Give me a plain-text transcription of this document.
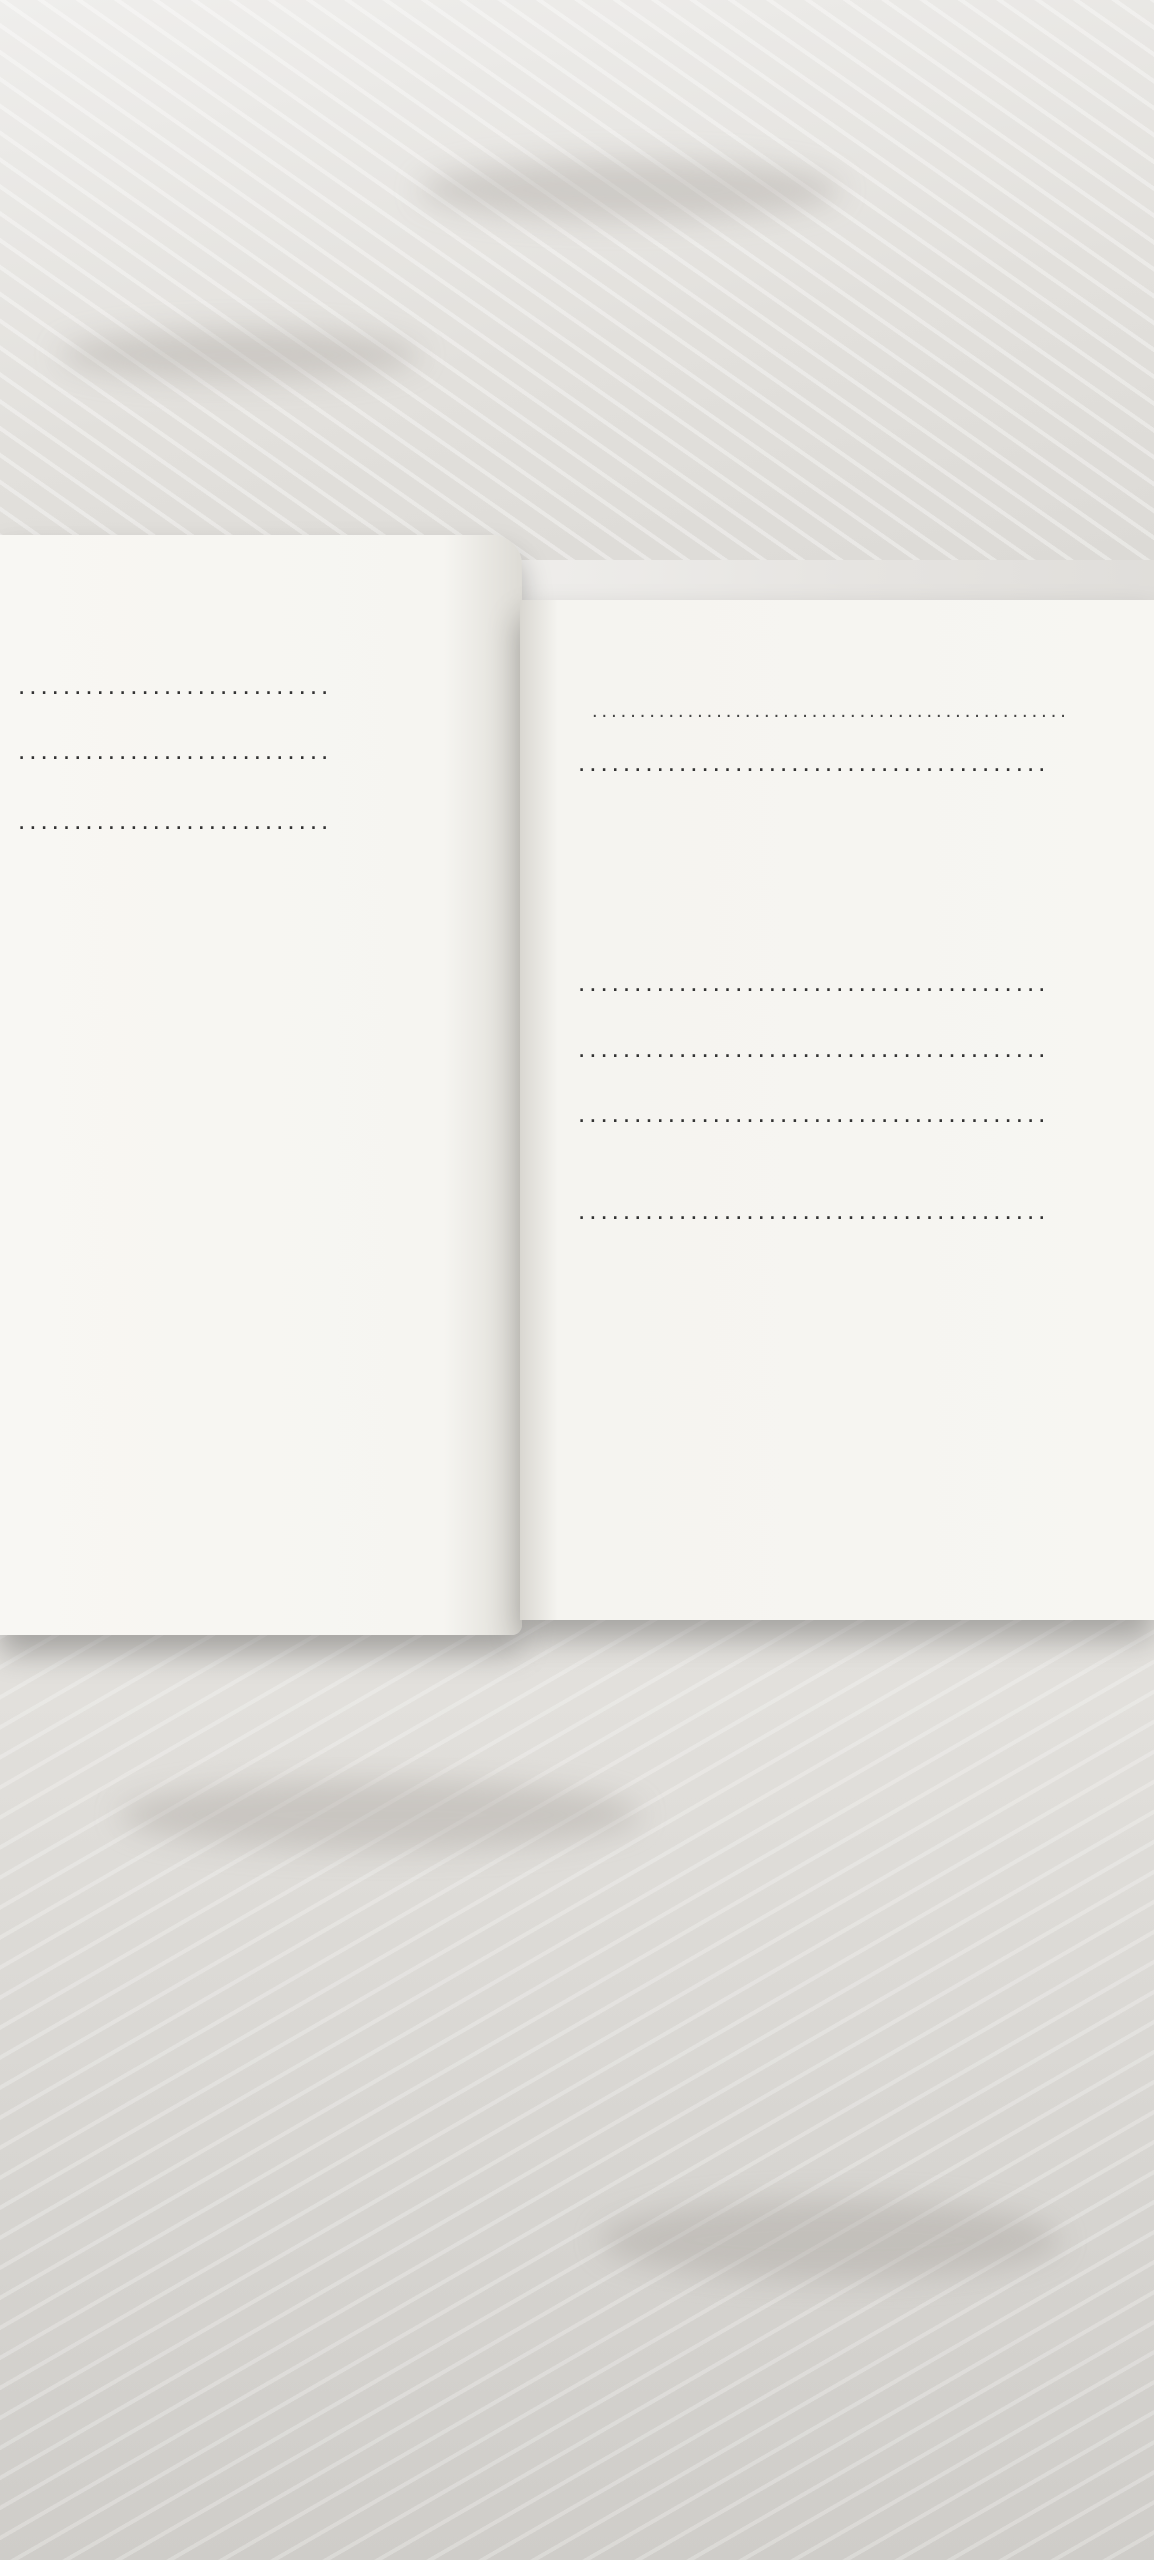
............................
............................
............................
..................................................
..........................................
..........................................
..........................................
..........................................
..........................................
